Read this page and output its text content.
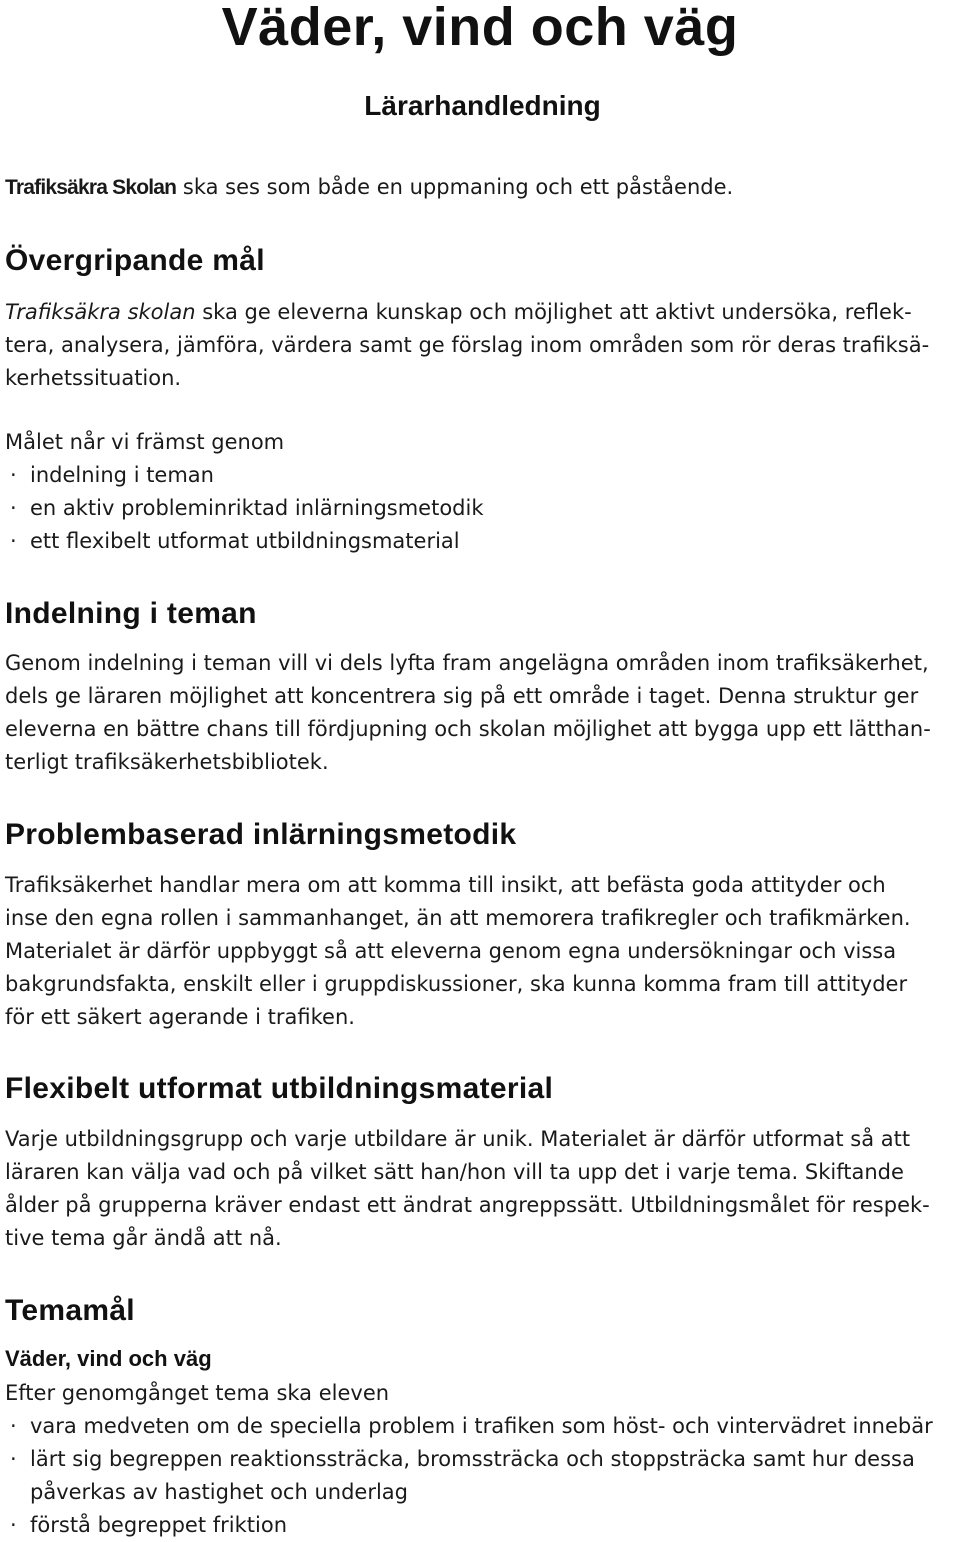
Väder, vind och väg
Lärarhandledning

Trafiksäkra Skolan ska ses som både en uppmaning och ett påstående.

Övergripande mål
Trafiksäkra skolan ska ge eleverna kunskap och möjlighet att aktivt undersöka, reflek-
tera, analysera, jämföra, värdera samt ge förslag inom områden som rör deras trafiksä-
kerhetssituation.
Målet når vi främst genom
· indelning i teman
· en aktiv probleminriktad inlärningsmetodik
· ett flexibelt utformat utbildningsmaterial
Indelning i teman
Genom indelning i teman vill vi dels lyfta fram angelägna områden inom trafiksäkerhet,
dels ge läraren möjlighet att koncentrera sig på ett område i taget. Denna struktur ger
eleverna en bättre chans till fördjupning och skolan möjlighet att bygga upp ett lätthan-
terligt trafiksäkerhetsbibliotek.
Problembaserad inlärningsmetodik
Trafiksäkerhet handlar mera om att komma till insikt, att befästa goda attityder och
inse den egna rollen i sammanhanget, än att memorera trafikregler och trafikmärken.
Materialet är därför uppbyggt så att eleverna genom egna undersökningar och vissa
bakgrundsfakta, enskilt eller i gruppdiskussioner, ska kunna komma fram till attityder
för ett säkert agerande i trafiken.
Flexibelt utformat utbildningsmaterial
Varje utbildningsgrupp och varje utbildare är unik. Materialet är därför utformat så att
läraren kan välja vad och på vilket sätt han/hon vill ta upp det i varje tema. Skiftande
ålder på grupperna kräver endast ett ändrat angreppssätt. Utbildningsmålet för respek-
tive tema går ändå att nå.
Temamål
Väder, vind och väg
Efter genomgånget tema ska eleven
· vara medveten om de speciella problem i trafiken som höst- och vintervädret innebär
· lärt sig begreppen reaktionssträcka, bromssträcka och stoppsträcka samt hur dessa
påverkas av hastighet och underlag
· förstå begreppet friktion
